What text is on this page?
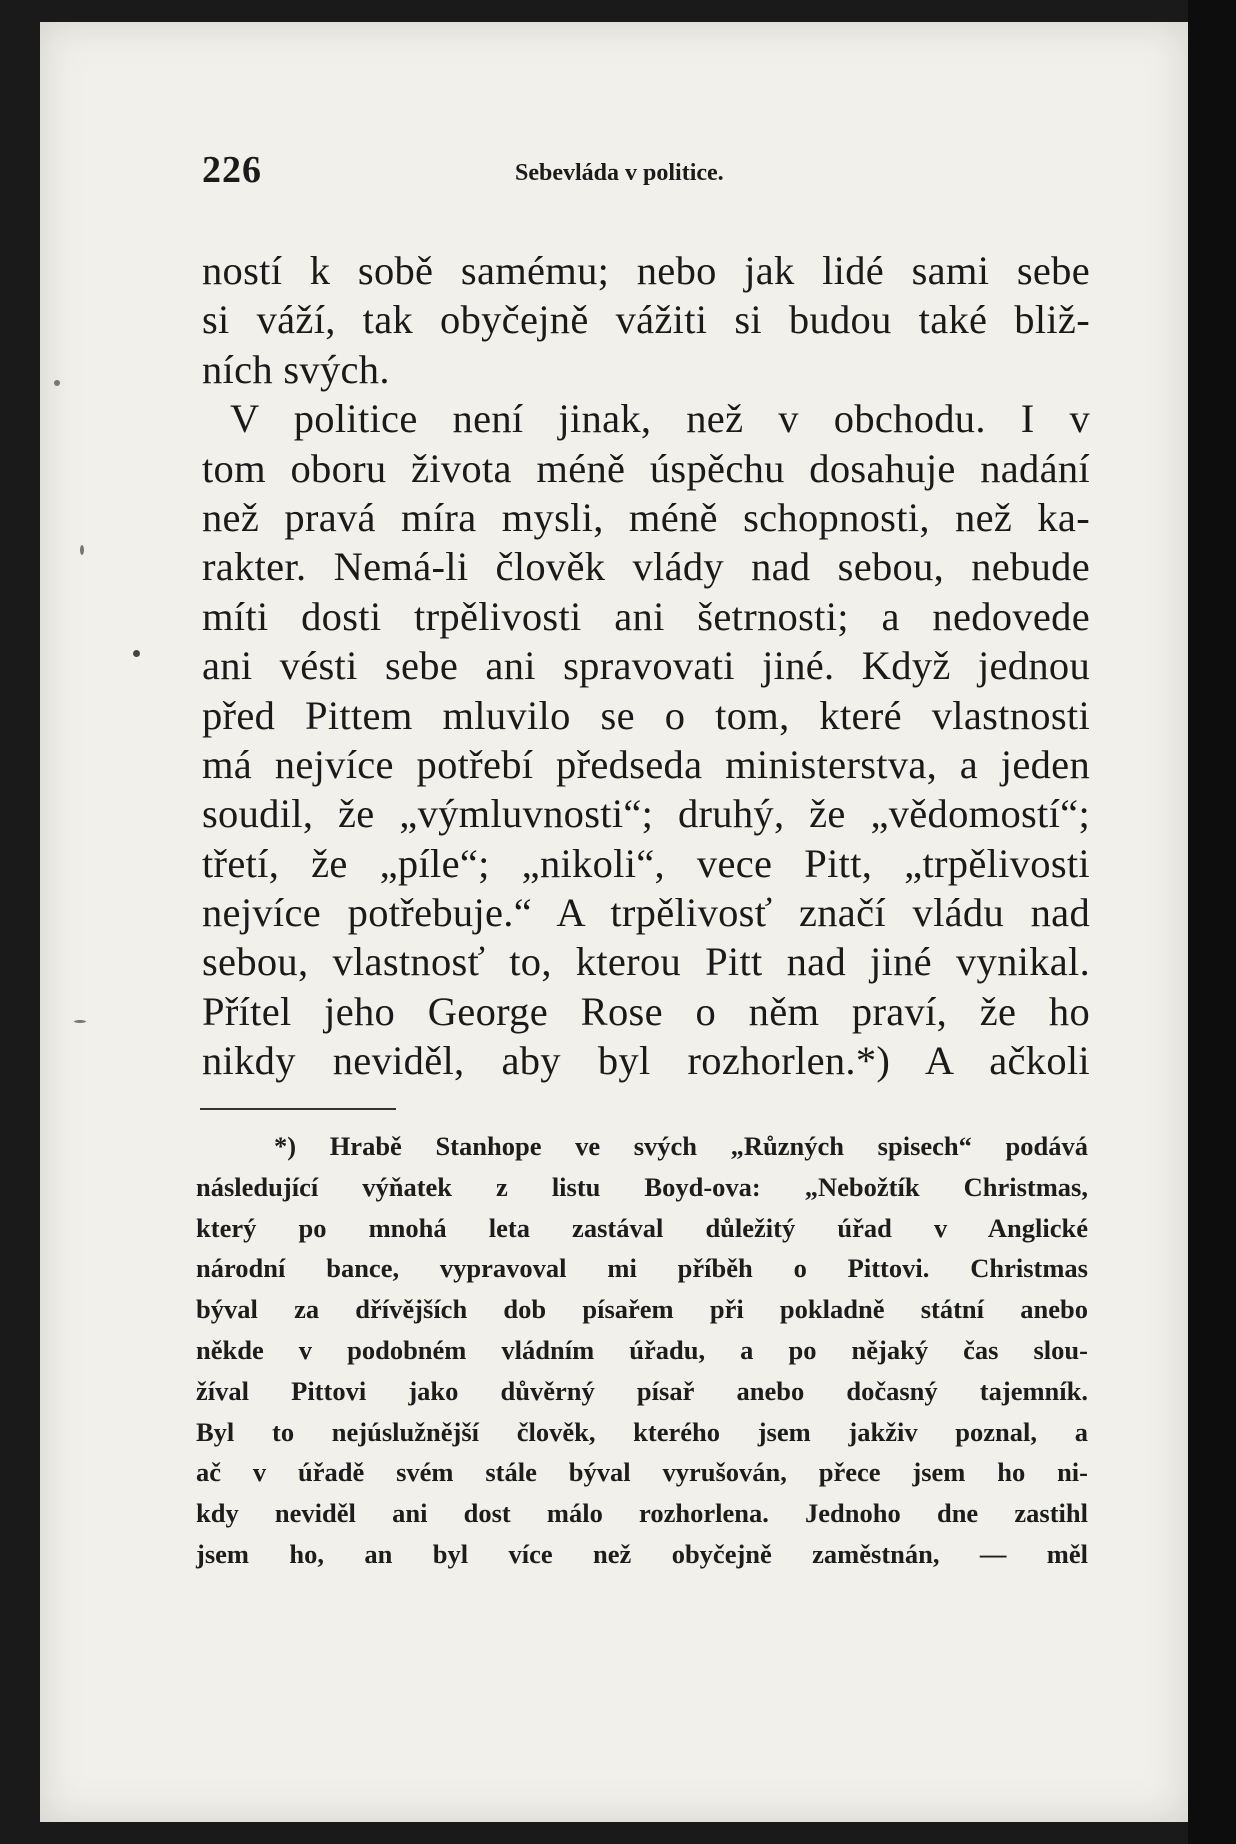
226	Sebevláda v politice.
ností k sobě samému; nebo jak lidé sami sebe
si váží, tak obyčejně vážiti si budou také bliž-
ních svých.
V politice není jinak, než v obchodu. I v
tom oboru života méně úspěchu dosahuje nadání
než pravá míra mysli, méně schopnosti, než ka-
rakter. Nemá-li člověk vlády nad sebou, nebude
míti dosti trpělivosti ani šetrnosti; a nedovede
ani vésti sebe ani spravovati jiné. Když jednou
před Pittem mluvilo se o tom, které vlastnosti
má nejvíce potřebí předseda ministerstva, a jeden
soudil, že „výmluvnosti“; druhý, že „vědomostí“;
třetí, že „píle“; „nikoli“, vece Pitt, „trpělivosti
nejvíce potřebuje.“ A trpělivosť značí vládu nad
sebou, vlastnosť to, kterou Pitt nad jiné vynikal.
Přítel jeho George Rose o něm praví, že ho
nikdy neviděl, aby byl rozhorlen.*) A ačkoli
*) Hrabě Stanhope ve svých „Různých spisech“ podává
následující výňatek z listu Boyd-ova: „Nebožtík Christmas,
který po mnohá leta zastával důležitý úřad v Anglické
národní bance, vypravoval mi příběh o Pittovi. Christmas
býval za dřívějších dob písařem při pokladně státní anebo
někde v podobném vládním úřadu, a po nějaký čas slou-
žíval Pittovi jako důvěrný písař anebo dočasný tajemník.
Byl to nejúslužnější člověk, kterého jsem jakživ poznal, a
ač v úřadě svém stále býval vyrušován, přece jsem ho ni-
kdy neviděl ani dost málo rozhorlena. Jednoho dne zastihl
jsem ho, an byl více než obyčejně zaměstnán, — měl
